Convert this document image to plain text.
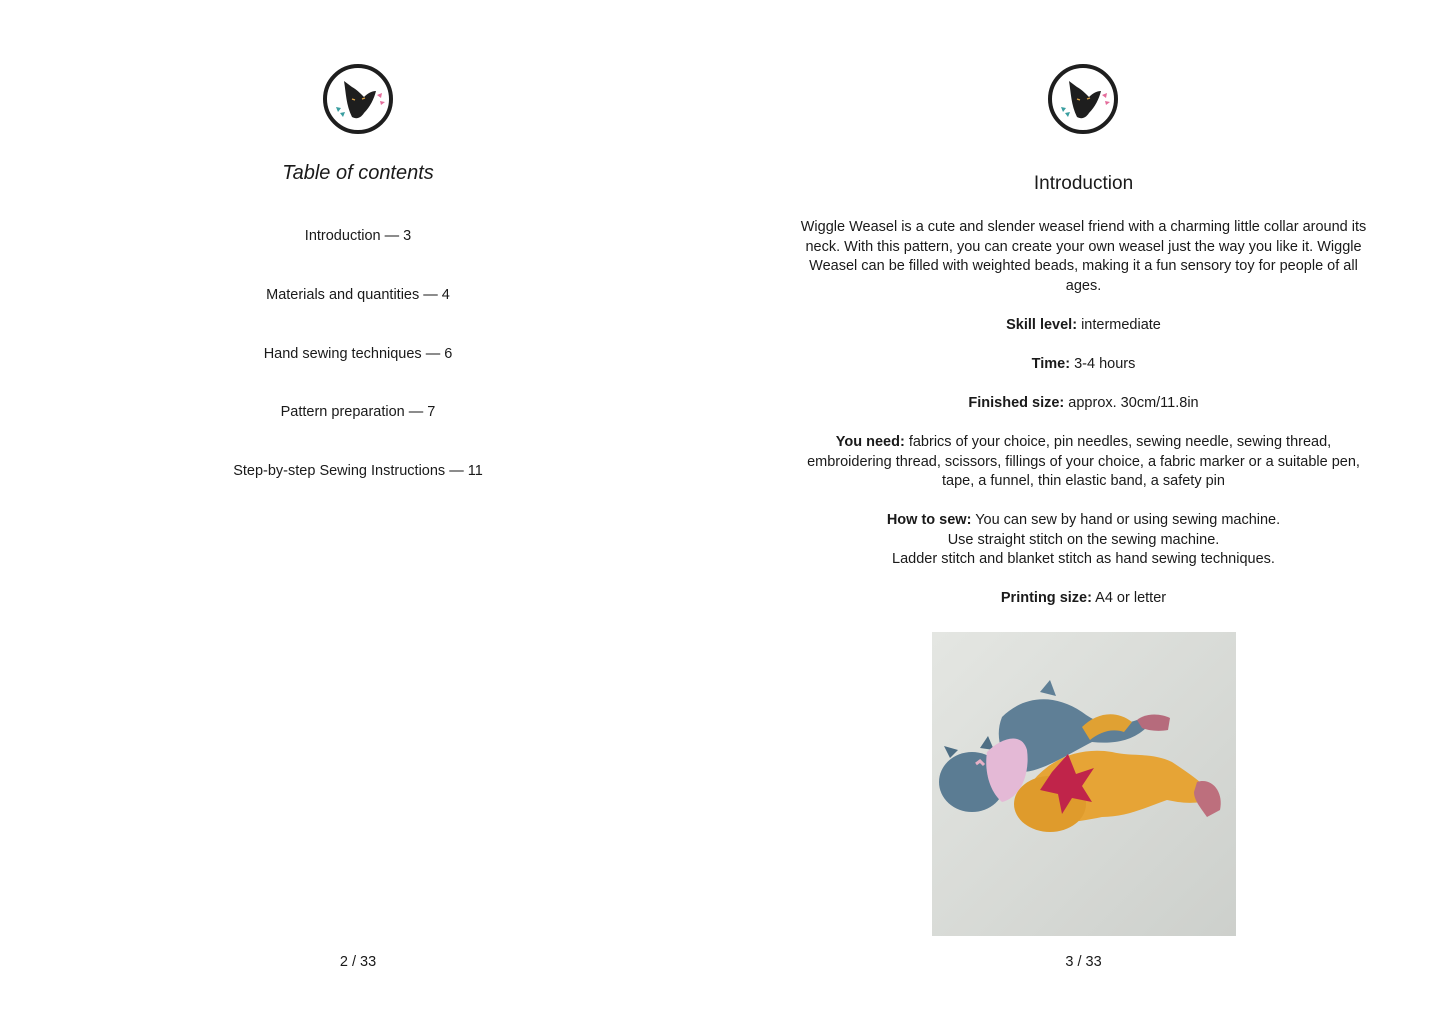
Table of contents
Introduction — 3
Materials and quantities — 4
Hand sewing techniques — 6
Pattern preparation — 7
Step-by-step Sewing Instructions — 11
2 / 33
Introduction

Wiggle Weasel is a cute and slender weasel friend with a charming little collar around its neck. With this pattern, you can create your own weasel just the way you like it. Wiggle Weasel can be filled with weighted beads, making it a fun sensory toy for people of all ages.

Skill level: intermediate

Time: 3-4 hours

Finished size: approx. 30cm/11.8in

You need: fabrics of your choice, pin needles, sewing needle, sewing thread, embroidering thread, scissors, fillings of your choice, a fabric marker or a suitable pen, tape, a funnel, thin elastic band, a safety pin

How to sew: You can sew by hand or using sewing machine.
Use straight stitch on the sewing machine.
Ladder stitch and blanket stitch as hand sewing techniques.

Printing size: A4 or letter

3 / 33
